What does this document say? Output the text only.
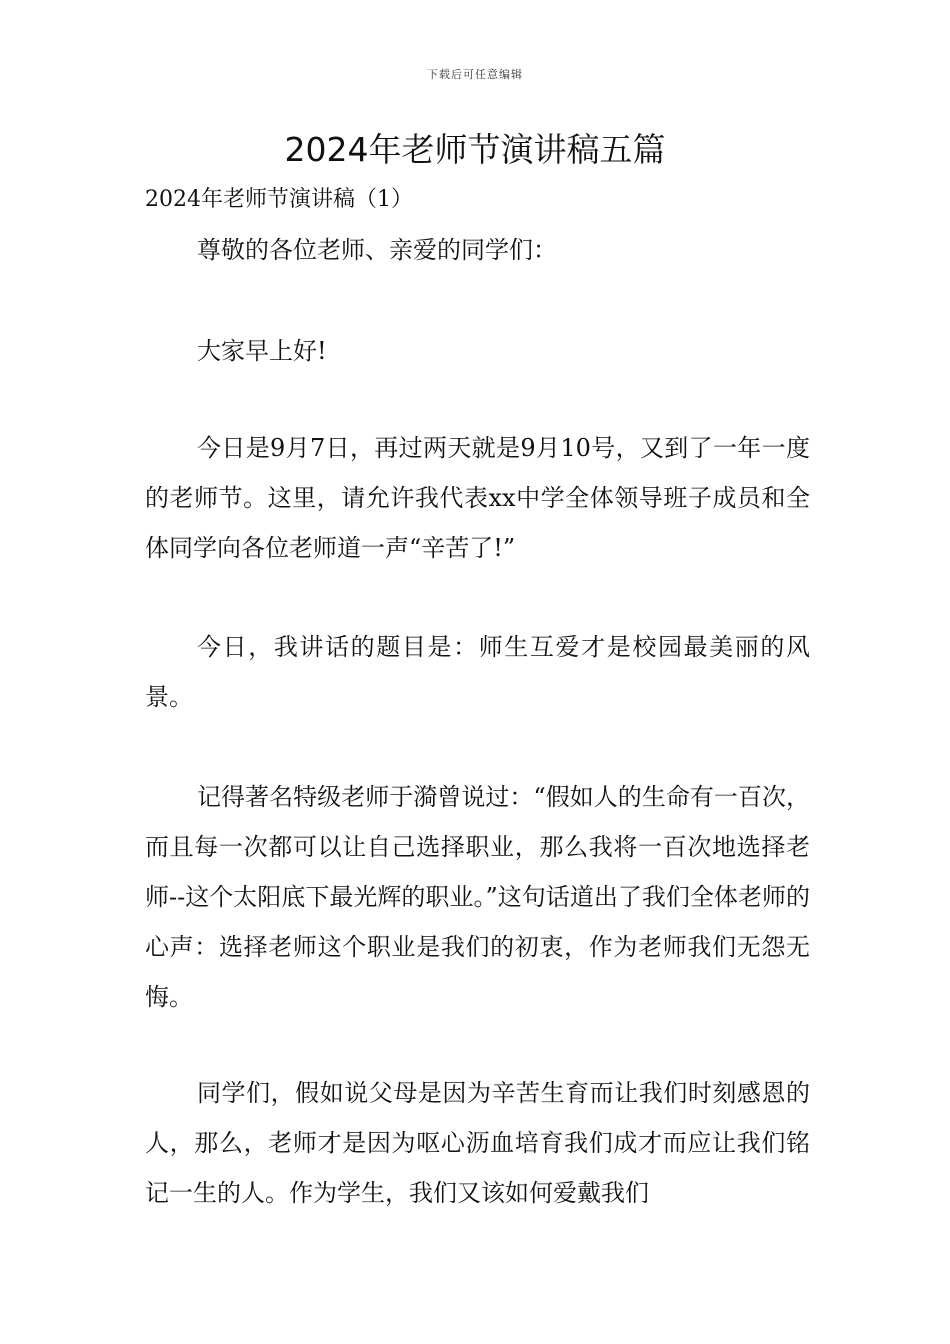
下载后可任意编辑
2024年老师节演讲稿五篇
2024年老师节演讲稿（1）

尊敬的各位老师、亲爱的同学们：

大家早上好!

今日是9月7日，再过两天就是9月10号，又到了一年一度的老师节。这里，请允许我代表xx中学全体领导班子成员和全体同学向各位老师道一声“辛苦了!”

今日，我讲话的题目是：师生互爱才是校园最美丽的风景。

记得著名特级老师于漪曾说过：“假如人的生命有一百次，而且每一次都可以让自己选择职业，那么我将一百次地选择老师--这个太阳底下最光辉的职业。”这句话道出了我们全体老师的心声：选择老师这个职业是我们的初衷，作为老师我们无怨无悔。

同学们，假如说父母是因为辛苦生育而让我们时刻感恩的人，那么，老师才是因为呕心沥血培育我们成才而应让我们铭记一生的人。作为学生，我们又该如何爱戴我们
